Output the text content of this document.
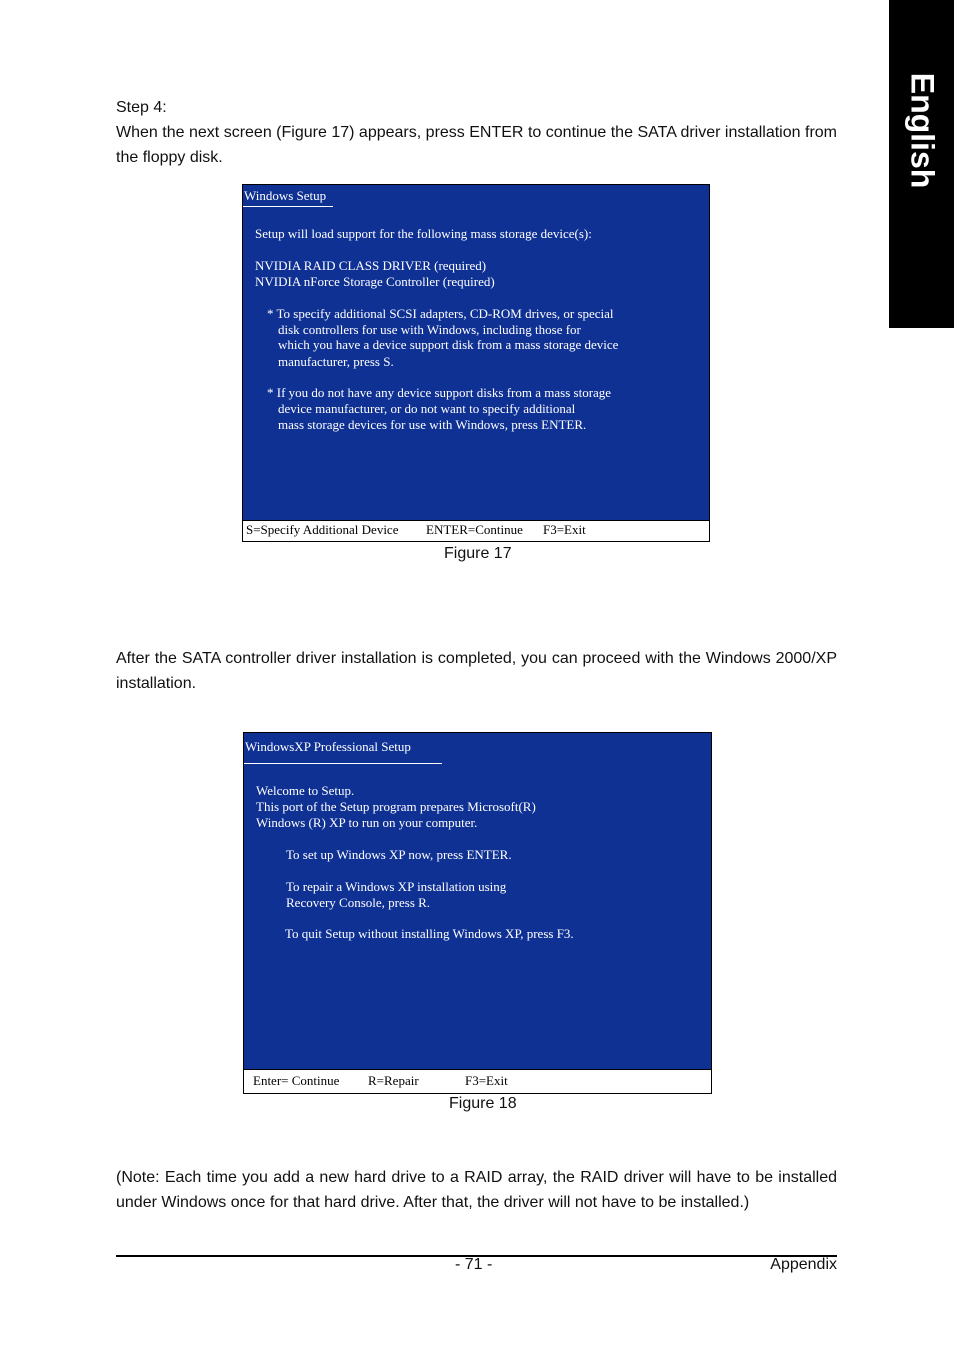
English
Step 4:
When the next screen (Figure 17) appears, press ENTER to continue the SATA driver installation from the floppy disk.
Windows Setup
Setup will load support for the following mass storage device(s):
NVIDIA RAID CLASS DRIVER (required)
NVIDIA nForce Storage Controller (required)
* To specify additional SCSI adapters, CD-ROM drives, or special
disk controllers for use with Windows, including those for
which you have a device support disk from a mass storage device
manufacturer, press S.
* If you do not have any device support disks from a mass storage
device manufacturer, or do not want to specify additional
mass storage devices for use with Windows, press ENTER.
S=Specify Additional Device ENTER=Continue F3=Exit
Figure 17
After the SATA controller driver installation is completed, you can proceed with the Windows 2000/XP installation.
WindowsXP Professional Setup
Welcome to Setup.
This port of the Setup program prepares Microsoft(R)
Windows (R) XP to run on your computer.
To set up Windows XP now, press ENTER.
To repair a Windows XP installation using
Recovery Console, press R.
To quit Setup without installing Windows XP, press F3.
Enter= Continue R=Repair	F3=Exit
Figure 18
(Note: Each time you add a new hard drive to a RAID array, the RAID driver will have to be installed under Windows once for that hard drive. After that, the driver will not have to be installed.)
- 71 -	Appendix
